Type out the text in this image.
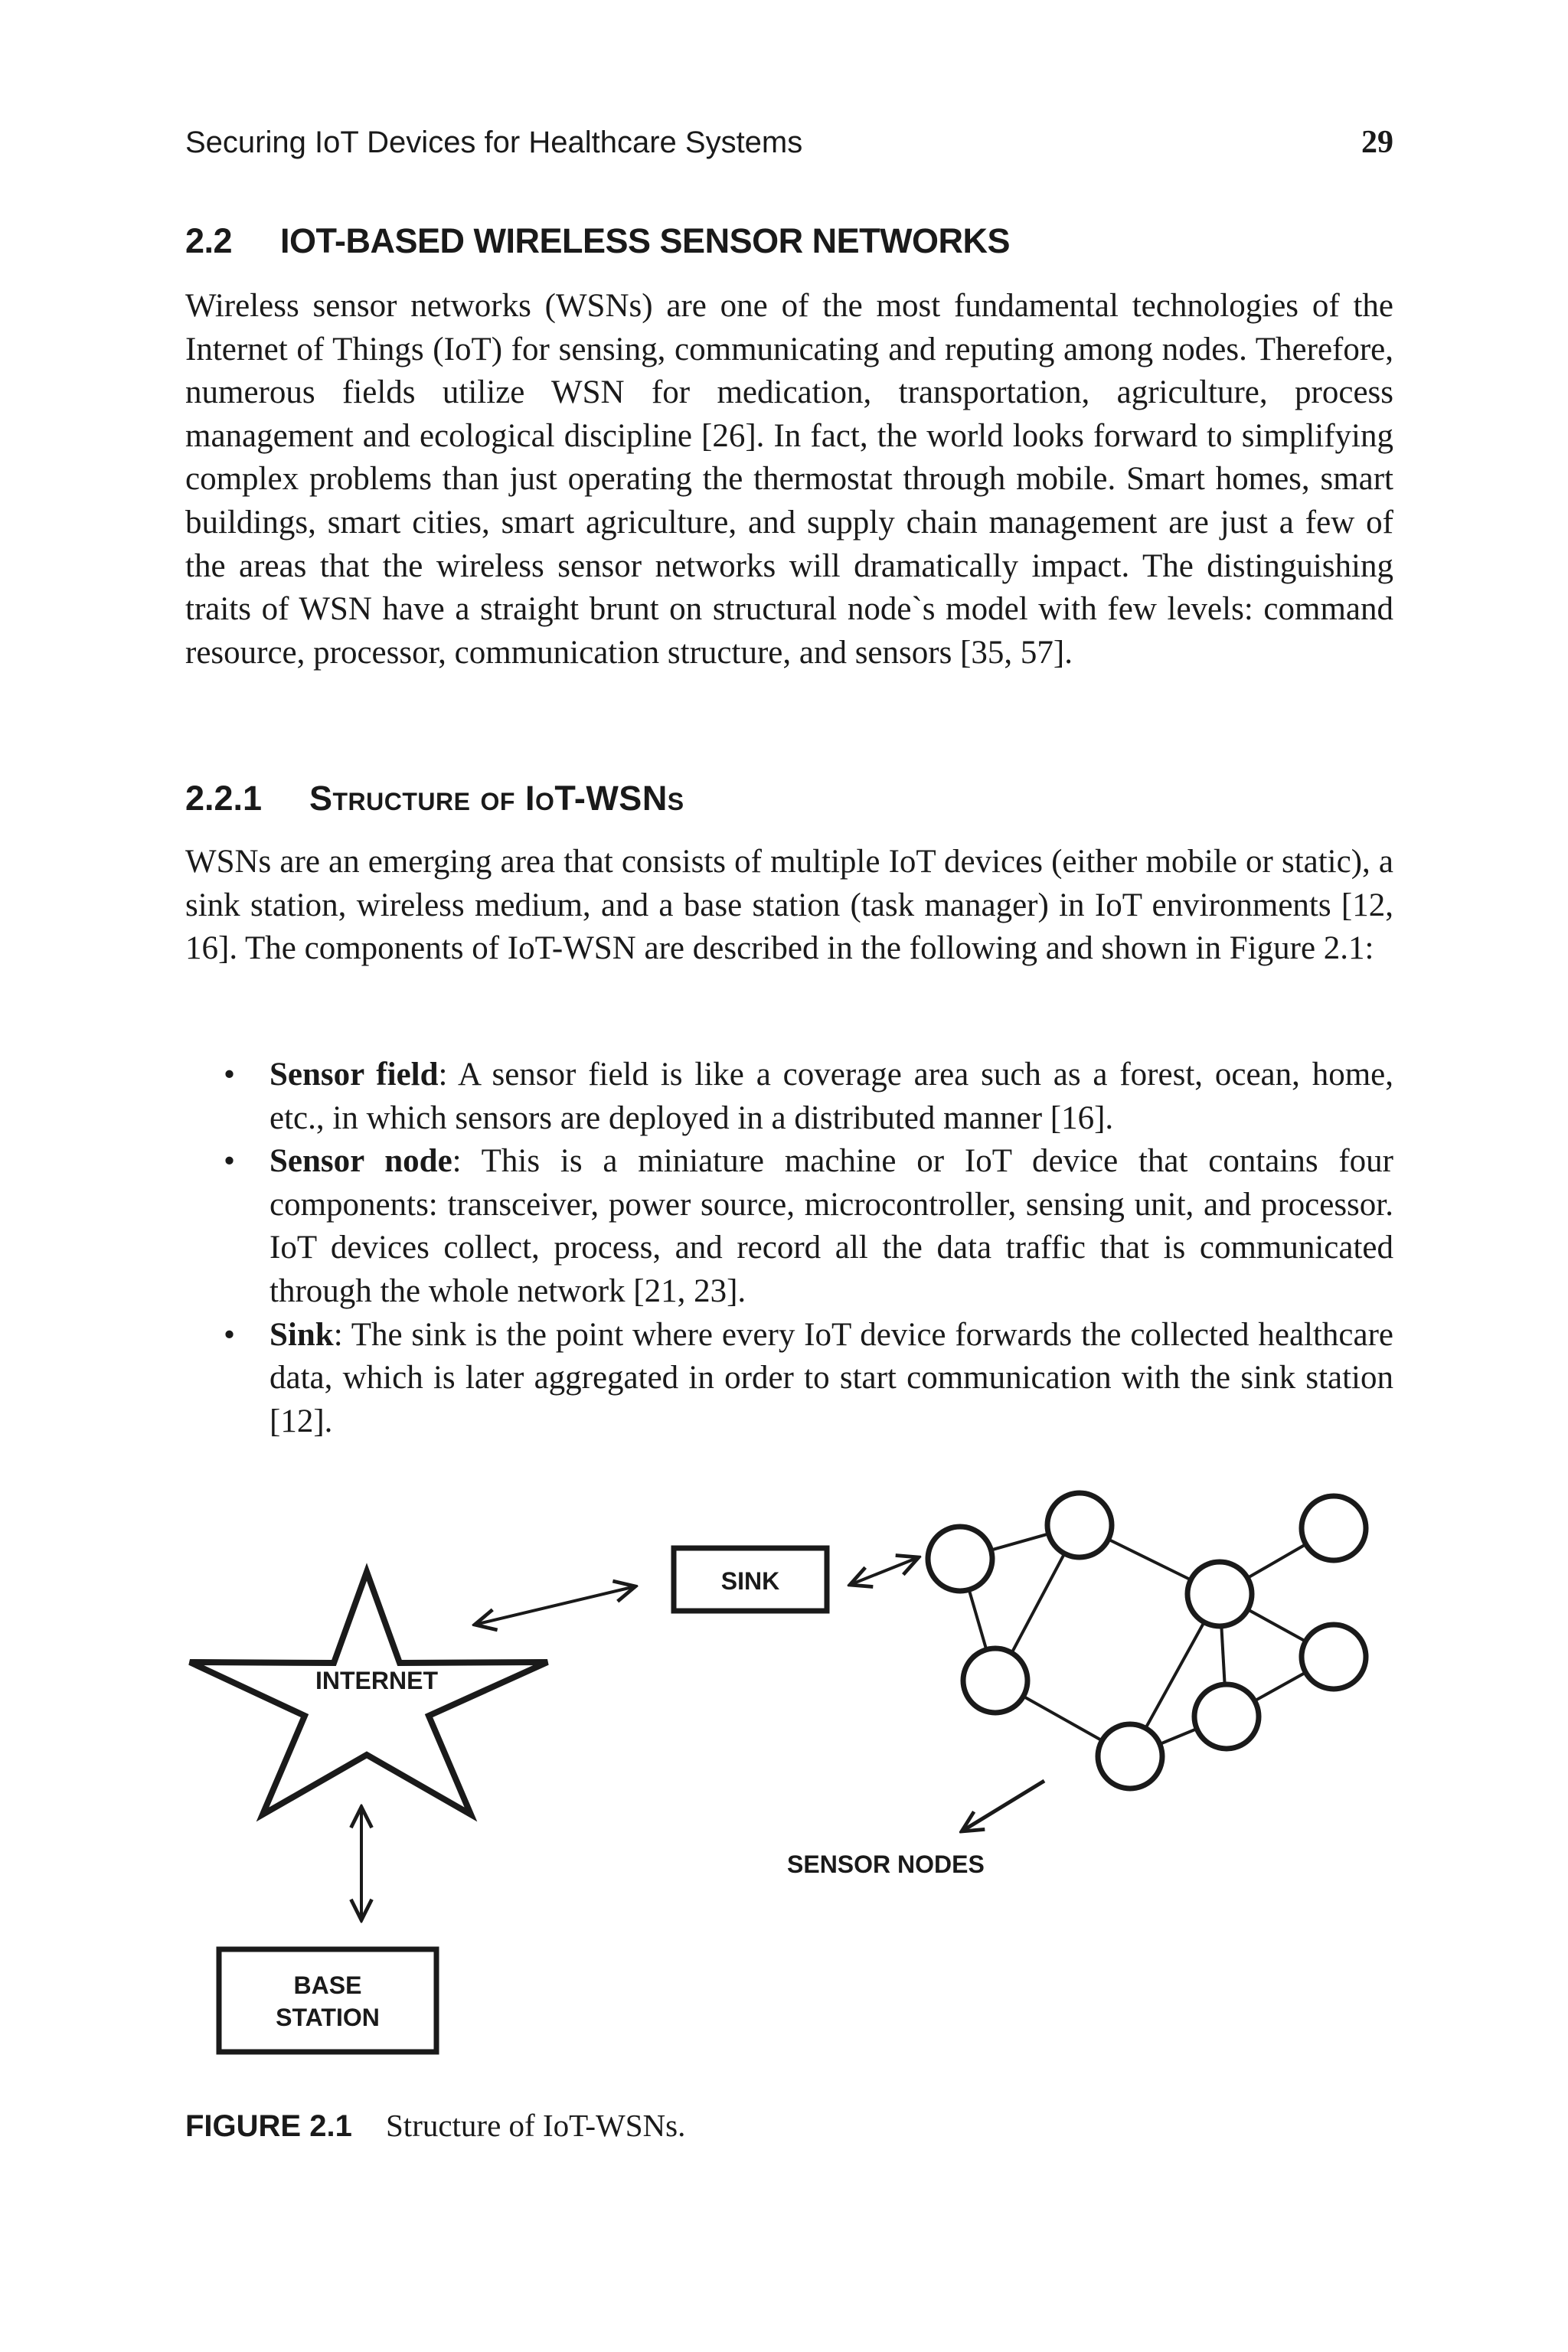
Securing IoT Devices for Healthcare Systems	29
2.2 IOT-BASED WIRELESS SENSOR NETWORKS

Wireless sensor networks (WSNs) are one of the most fundamental technologies of the Internet of Things (IoT) for sensing, communicating and reputing among nodes. Therefore, numerous fields utilize WSN for medication, transportation, agriculture, process management and ecological discipline [26]. In fact, the world looks forward to simplifying complex problems than just operating the thermostat through mobile. Smart homes, smart buildings, smart cities, smart agriculture, and supply chain management are just a few of the areas that the wireless sensor networks will dramatically impact. The distinguishing traits of WSN have a straight brunt on structural node`s model with few levels: command resource, processor, communication structure, and sensors [35, 57].

2.2.1 Structure of IoT-WSNs

WSNs are an emerging area that consists of multiple IoT devices (either mobile or static), a sink station, wireless medium, and a base station (task manager) in IoT environments [12, 16]. The components of IoT-WSN are described in the following and shown in Figure 2.1:

• Sensor field: A sensor field is like a coverage area such as a forest, ocean, home, etc., in which sensors are deployed in a distributed manner [16].
• Sensor node: This is a miniature machine or IoT device that contains four components: transceiver, power source, microcontroller, sensing unit, and processor. IoT devices collect, process, and record all the data traffic that is communicated through the whole network [21, 23].
• Sink: The sink is the point where every IoT device forwards the collected healthcare data, which is later aggregated in order to start communication with the sink station [12].
INTERNET
SINK
SENSOR NODES
BASE
STATION
FIGURE 2.1 Structure of IoT-WSNs.
